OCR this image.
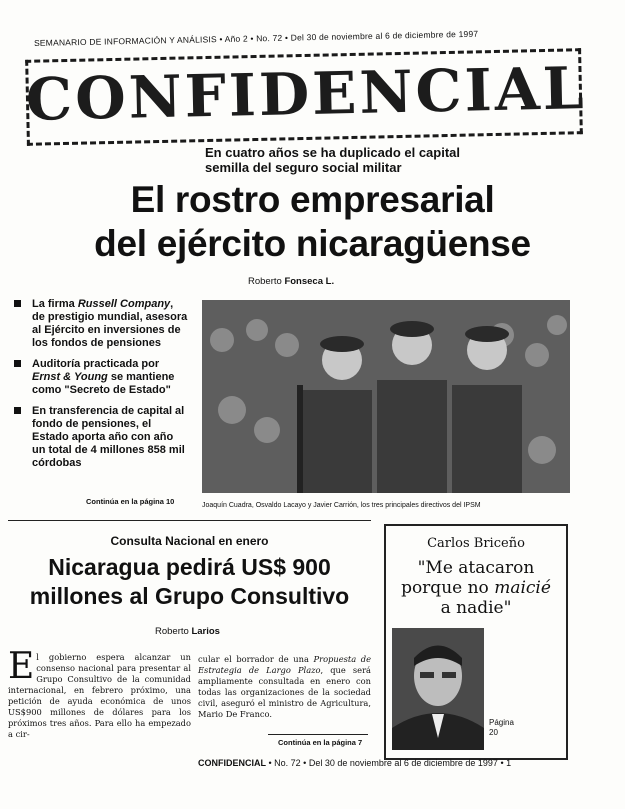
SEMANARIO DE INFORMACIÓN Y ANÁLISIS • Año 2 • No. 72 • Del 30 de noviembre al 6 de diciembre de 1997
CONFIDENCIAL
En cuatro años se ha duplicado el capital semilla del seguro social militar
El rostro empresarial
del ejército nicaragüense
Roberto Fonseca L.
La firma Russell Company, de prestigio mundial, asesora al Ejército en inversiones de los fondos de pensiones
Auditoría practicada por Ernst & Young se mantiene como "Secreto de Estado"
En transferencia de capital al fondo de pensiones, el Estado aporta año con año un total de 4 millones 858 mil córdobas
Continúa en la página 10	Joaquín Cuadra, Osvaldo Lacayo y Javier Carrión, los tres principales directivos del IPSM
Consulta Nacional en enero
Nicaragua pedirá US$ 900
millones al Grupo Consultivo
Roberto Larios
El gobierno espera alcanzar un consenso nacional para presentar al Grupo Consultivo de la comunidad internacional, en febrero próximo, una petición de ayuda económica de unos US$900 millones de dólares para los próximos tres años. Para ello ha empezado a cir-
cular el borrador de una Propuesta de Estrategia de Largo Plazo, que será ampliamente consultada en enero con todas las organizaciones de la sociedad civil, aseguró el ministro de Agricultura, Mario De Franco.
Continúa en la página 7
Carlos Briceño
"Me atacaron
porque no maicié
a nadie"
Página
20
CONFIDENCIAL • No. 72 • Del 30 de noviembre al 6 de diciembre de 1997 • 1
